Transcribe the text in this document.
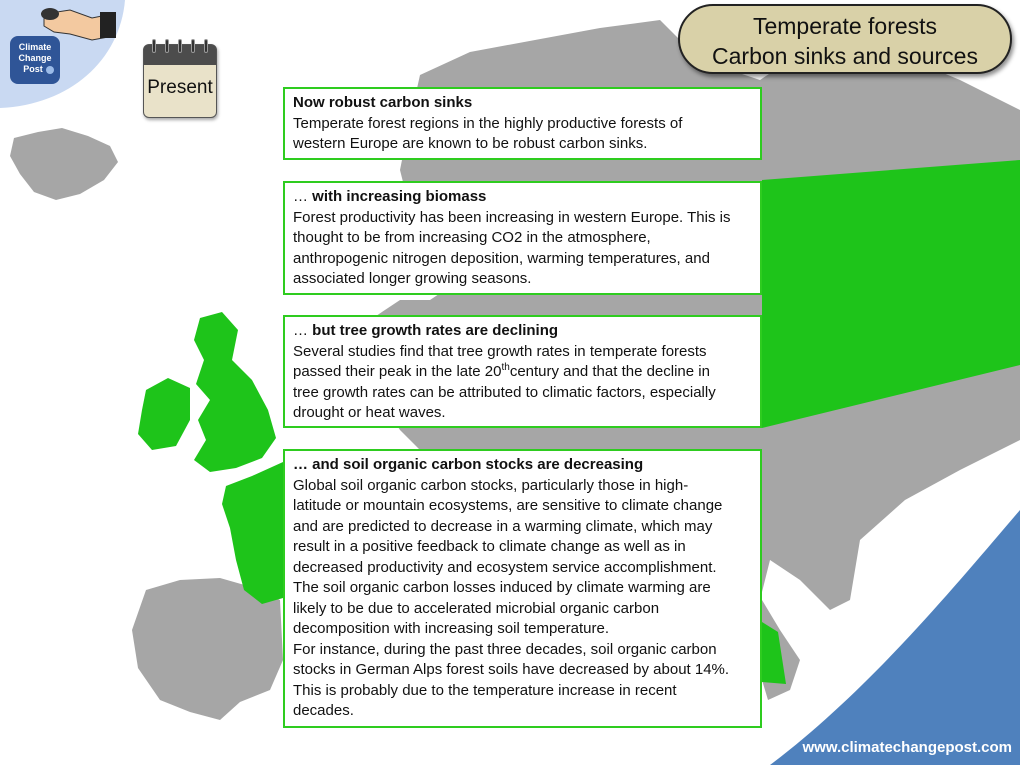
Climate
Change
Post
Present
Temperate forests
Carbon sinks and sources
Now robust carbon sinks
Temperate forest regions in the highly productive forests of
western Europe are known to be robust carbon sinks.
… with increasing biomass
Forest productivity has been increasing in western Europe. This is
thought to be from increasing CO2 in the atmosphere,
anthropogenic nitrogen deposition, warming temperatures, and
associated longer growing seasons.
… but tree growth rates are declining
Several studies find that tree growth rates in temperate forests
passed their peak in the late 20thcentury and that the decline in
tree growth rates can be attributed to climatic factors, especially
drought or heat waves.
… and soil organic carbon stocks are decreasing
Global soil organic carbon stocks, particularly those in high-
latitude or mountain ecosystems, are sensitive to climate change
and are predicted to decrease in a warming climate, which may
result in a positive feedback to climate change as well as in
decreased productivity and ecosystem service accomplishment.
The soil organic carbon losses induced by climate warming are
likely to be due to accelerated microbial organic carbon
decomposition with increasing soil temperature.
For instance, during the past three decades, soil organic carbon
stocks in German Alps forest soils have decreased by about 14%.
This is probably due to the temperature increase in recent
decades.
www.climatechangepost.com
